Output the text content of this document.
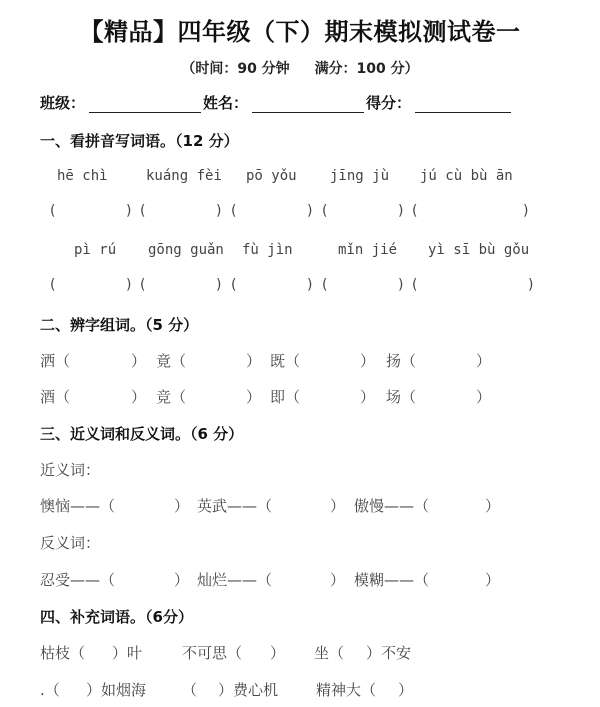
【精品】四年级（下）期末模拟测试卷一
（时间：90 分钟 满分：100 分）
班级：	姓名：	得分：
一、看拼音写词语。（12 分）
hē chì	kuáng fèi pō yǒu jīng jù jú cù bù ān
(	) (	) (	) (	) (	)
pì rú gōng guǎn fù jìn	mǐn jié yì sī bù gǒu
(	) (	) (	) (	) (	)
二、辨字组词。（5 分）
洒（	） 竟（	） 既（	） 扬（	）
酒（	） 竞（	） 即（	） 场（	）
三、近义词和反义词。（6 分）
近义词：
懊恼——（	） 英武——（	） 傲慢——（	）
反义词：
忍受——（	） 灿烂——（	） 模糊——（	）
四、补充词语。（6分）
枯枝（ ）叶	不可思（ ） 坐（ ）不安
.（ ）如烟海 （ ）费心机	精神大（ ）
